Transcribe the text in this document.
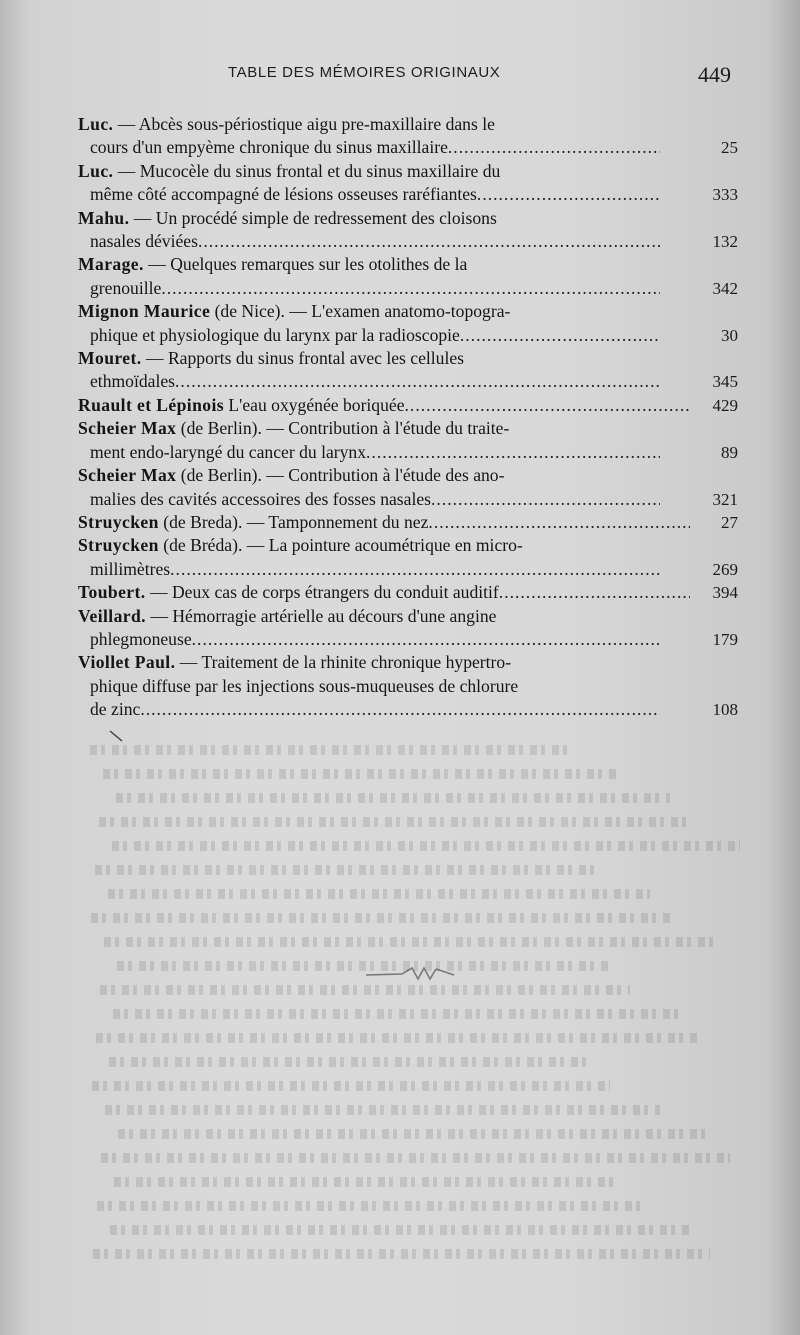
TABLE DES MÉMOIRES ORIGINAUX	449
Luc. — Abcès sous-périostique aigu pre-maxillaire dans le
cours d'un empyème chronique du sinus maxillaire .....	25
Luc. — Mucocèle du sinus frontal et du sinus maxillaire du
même côté accompagné de lésions osseuses raréfiantes .....	333
Mahu. — Un procédé simple de redressement des cloisons
nasales déviées .....	132
Marage. — Quelques remarques sur les otolithes de la
grenouille .....	342
Mignon Maurice (de Nice). — L'examen anatomo-topogra-
phique et physiologique du larynx par la radioscopie .....	30
Mouret. — Rapports du sinus frontal avec les cellules
ethmoïdales .....	345
Ruault et Lépinois L'eau oxygénée boriquée .....	429
Scheier Max (de Berlin). — Contribution à l'étude du traite-
ment endo-laryngé du cancer du larynx .....	89
Scheier Max (de Berlin). — Contribution à l'étude des ano-
malies des cavités accessoires des fosses nasales .....	321
Struycken (de Breda). — Tamponnement du nez .....	27
Struycken (de Bréda). — La pointure acoumétrique en micro-
millimètres .....	269
Toubert. — Deux cas de corps étrangers du conduit auditif .....	394
Veillard. — Hémorragie artérielle au décours d'une angine
phlegmoneuse .....	179
Viollet Paul. — Traitement de la rhinite chronique hypertro-
phique diffuse par les injections sous-muqueuses de chlorure
de zinc .....	108
